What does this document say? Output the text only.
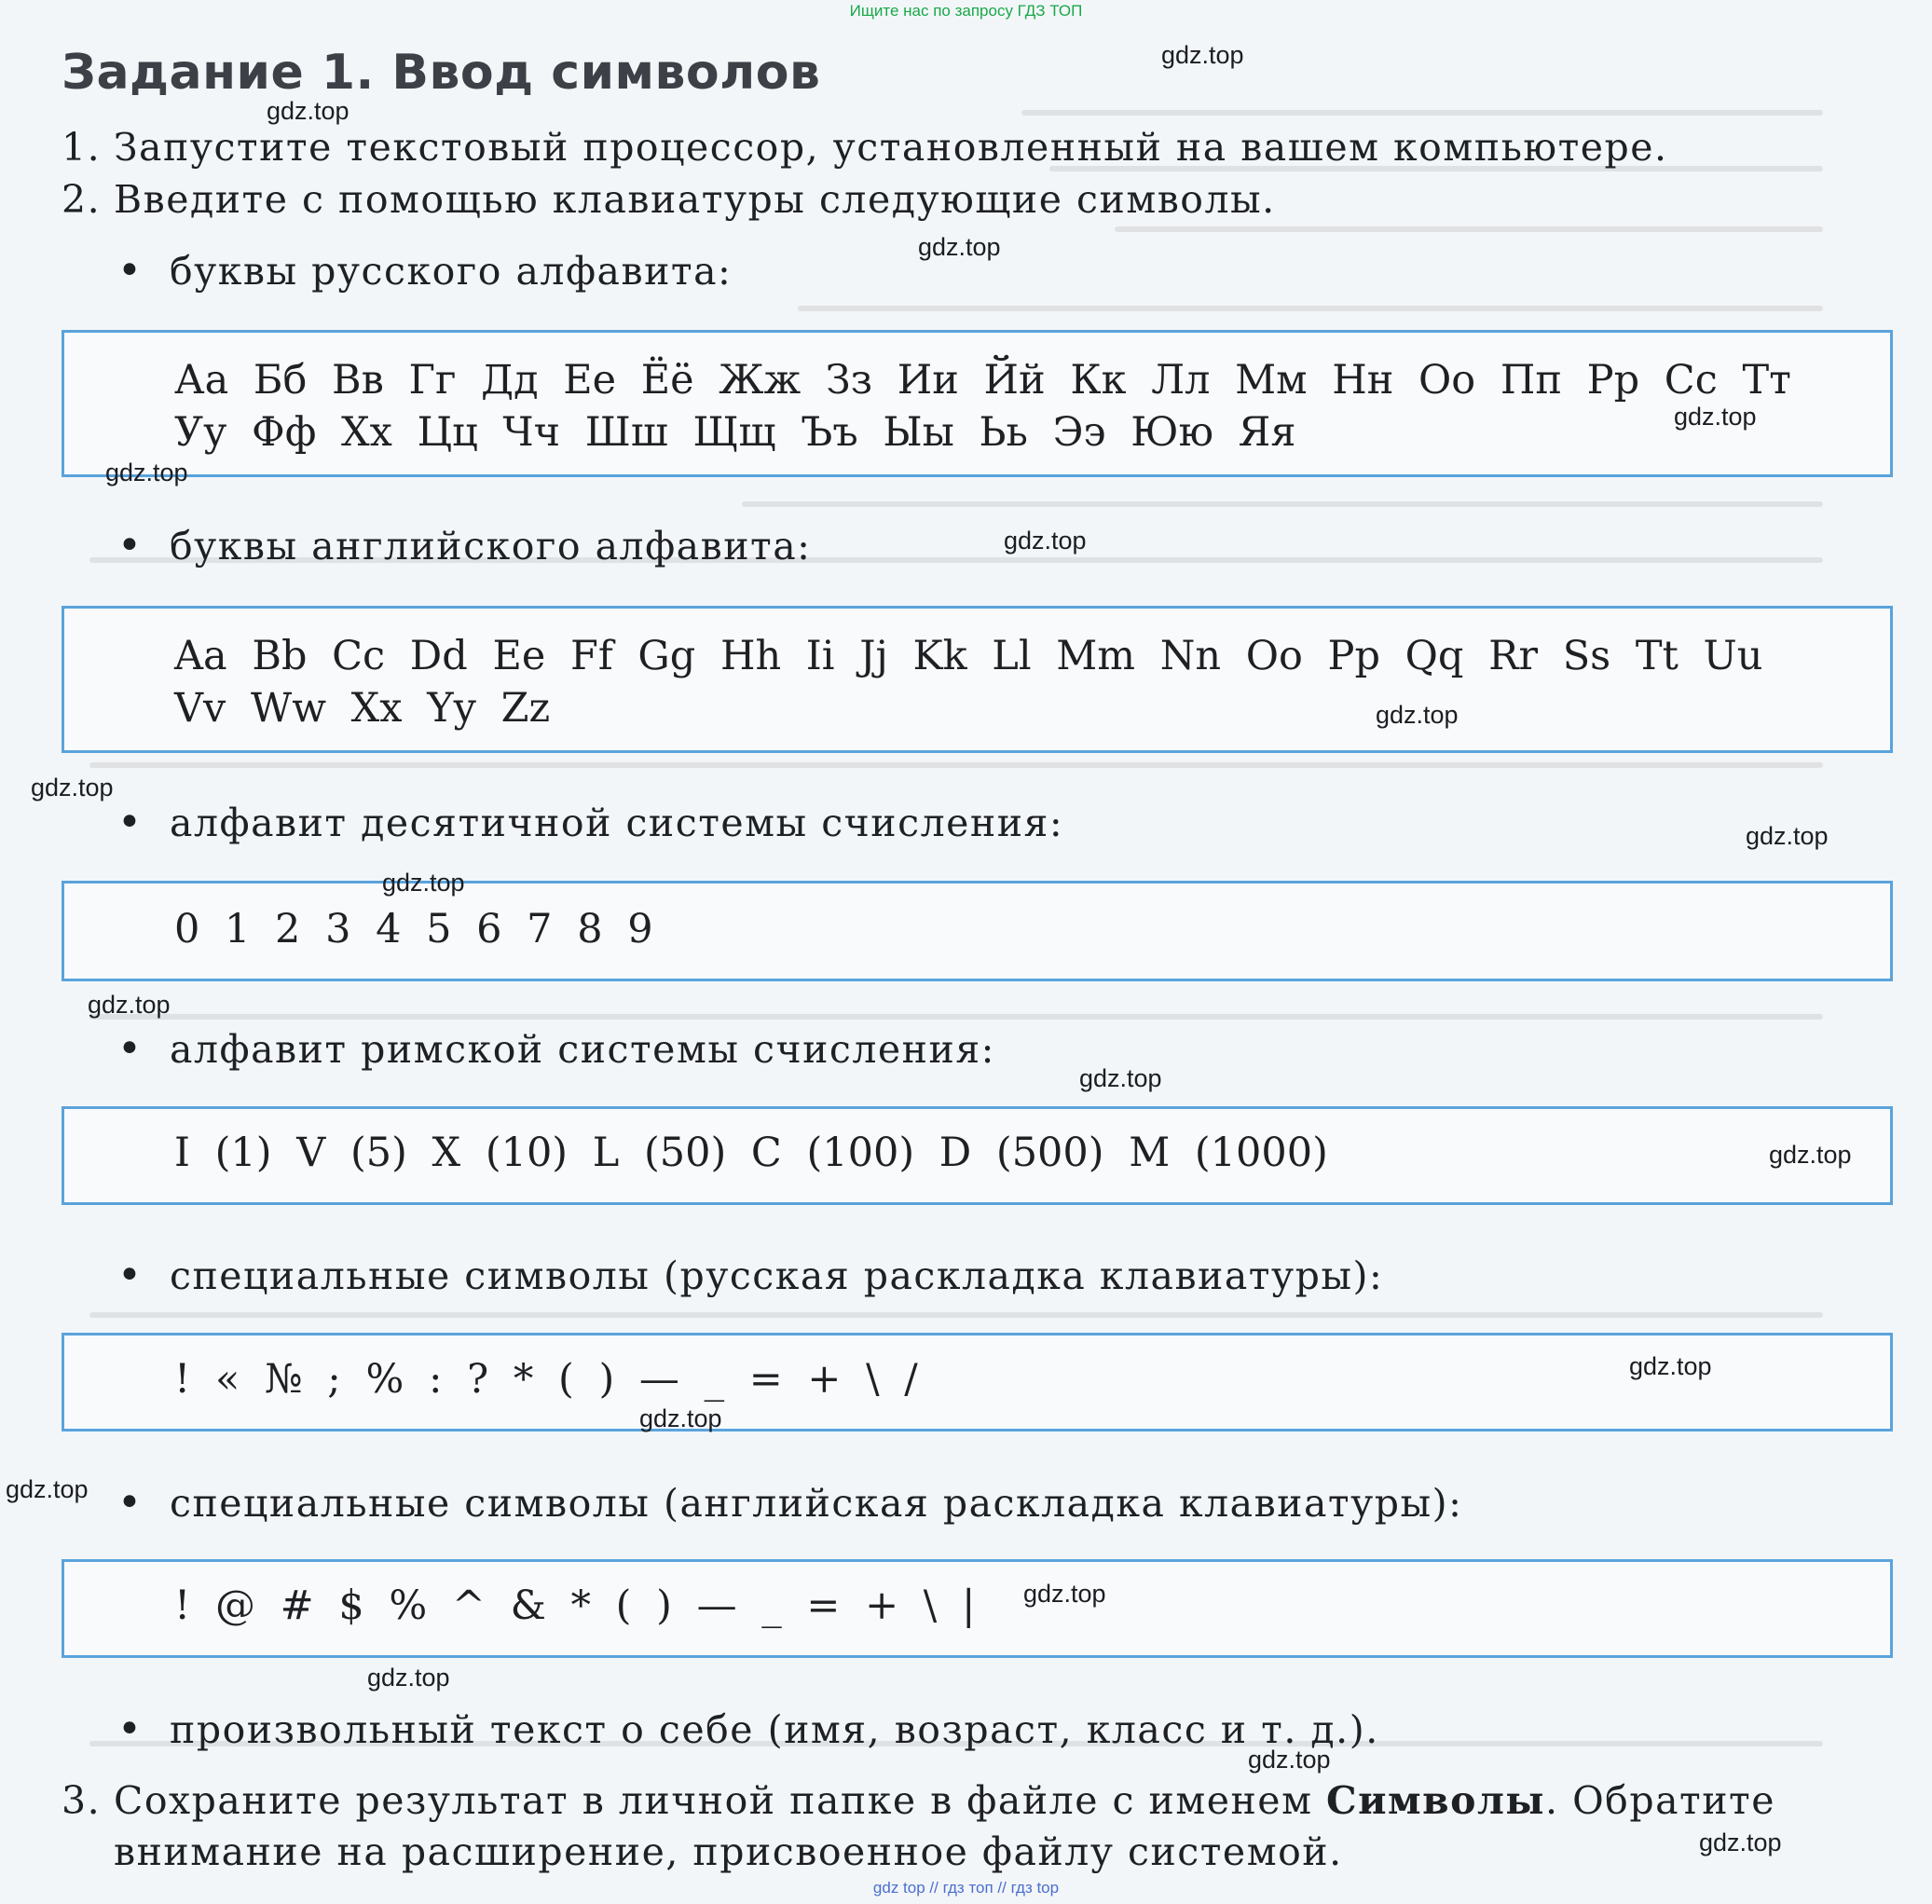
Ищите нас по запросу ГДЗ ТОП
Задание 1. Ввод символов
1. Запустите текстовый процессор, установленный на вашем компьютере.
2. Введите с помощью клавиатуры следующие символы.
• буквы русского алфавита:
Аа Бб Вв Гг Дд Ее Ёё Жж Зз Ии Йй Кк Лл Мм Нн Оо Пп Рр Сс Тт
Уу Фф Хх Цц Чч Шш Щщ Ъъ Ыы Ьь Ээ Юю Яя
• буквы английского алфавита:
Aa Bb Cc Dd Ee Ff Gg Hh Ii Jj Kk Ll Mm Nn Oo Pp Qq Rr Ss Tt Uu
Vv Ww Xx Yy Zz
• алфавит десятичной системы счисления:
0 1 2 3 4 5 6 7 8 9
• алфавит римской системы счисления:
I (1) V (5) X (10) L (50) C (100) D (500) M (1000)
• специальные символы (русская раскладка клавиатуры):
! « № ; % : ? * ( ) — _ = + \ /
• специальные символы (английская раскладка клавиатуры):
! @ # $ % ^ & * ( ) — _ = + \ |
• произвольный текст о себе (имя, возраст, класс и т. д.).
3. Сохраните результат в личной папке в файле с именем Символы. Обратите
внимание на расширение, присвоенное файлу системой.
gdz.top
gdz.top
gdz.top
gdz.top
gdz.top
gdz.top
gdz.top
gdz.top
gdz.top
gdz.top
gdz.top
gdz.top
gdz.top
gdz.top
gdz.top
gdz.top
gdz.top
gdz.top
gdz.top
gdz.top
gdz top // гдз топ // гдз top
